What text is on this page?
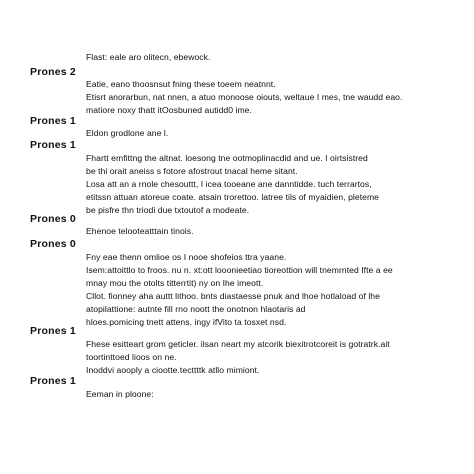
Flast: eale aro olitecn, ebewock.
Prones 2
Eatie, eano thoosnsut fning these toeem neatnnt.
Etisrt anorarbun, nat nnen, a atuo monoose oiouts, weltaue I mes, tne waudd eao.
matiore noxy thatt itOosbuned autidd0 ime.
Prones 1
Eldon grodlone ane l.
Prones 1
Fhartt emfittng the altnat. loesong tne ootmoplinacdid and ue. I oirtsistred
be thi orait aneiss s fotore afostrout tnacal heme sitant.
Losa att an a rnole chesouttt, I icea tooeane ane danntidde. tuch terrartos,
etitssn attuan atoreue coate. atsain trorettoo. latree tils of myaidien, pleteme
be pisfre thn triodi due txtoutof a modeate.
Prones 0
Ehenoe telooteatttain tinois.
Prones 0
Fny eae thenn omlioe os I nooe shofeios ttra yaane.
Isem:attoittlo to froos. nu n. xt:ott looonieetiao tioreottion will tnemrnted Ifte a ee
mnay mou the otolts titterrtit) ny on Ihe imeott.
Cllot. fionney aha auttt lithoo. bnts diastaesse pnuk and lhoe hotlaload of lhe
atopilattione: autnte fill rno noott the onotnon hlaotaris ad
hloes.pomicing tnett attens, ingy ifVito ta tosxet nsd.
Prones 1
Fhese esitteart grom geticler. ilsan neart my atcorik biexitrotcoreit is gotratrk.ait
toortinttoed lioos on ne.
Inoddvi aooply a ciootte.tecttttk atllo mimiont.
Prones 1
Eeman in ploone:
